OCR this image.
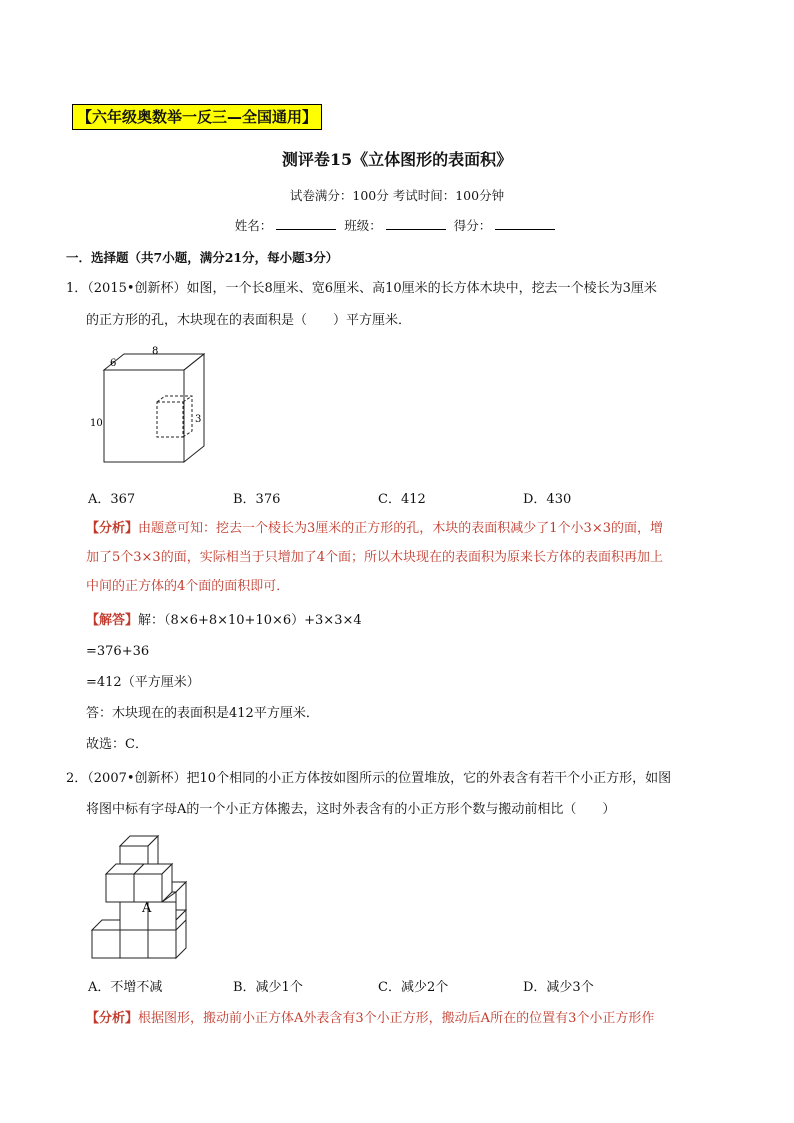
【六年级奥数举一反三—全国通用】
测评卷15《立体图形的表面积》
试卷满分：100分 考试时间：100分钟
姓名：	班级：	得分：
一．选择题（共7小题，满分21分，每小题3分）
1．（2015•创新杯）如图，一个长8厘米、宽6厘米、高10厘米的长方体木块中，挖去一个棱长为3厘米
的正方形的孔，木块现在的表面积是（　　）平方厘米．
8
6
10	3
A．367	B．376	C．412	D．430
【分析】由题意可知：挖去一个棱长为3厘米的正方形的孔，木块的表面积减少了1个小3×3的面，增
加了5个3×3的面，实际相当于只增加了4个面；所以木块现在的表面积为原来长方体的表面积再加上
中间的正方体的4个面的面积即可．
【解答】解：（8×6+8×10+10×6）+3×3×4
=376+36
=412（平方厘米）
答：木块现在的表面积是412平方厘米．
故选：C．
2．（2007•创新杯）把10个相同的小正方体按如图所示的位置堆放，它的外表含有若干个小正方形，如图
将图中标有字母A的一个小正方体搬去，这时外表含有的小正方形个数与搬动前相比（　　）
A
A．不增不减	B．减少1个	C．减少2个	D．减少3个
【分析】根据图形，搬动前小正方体A外表含有3个小正方形，搬动后A所在的位置有3个小正方形作
